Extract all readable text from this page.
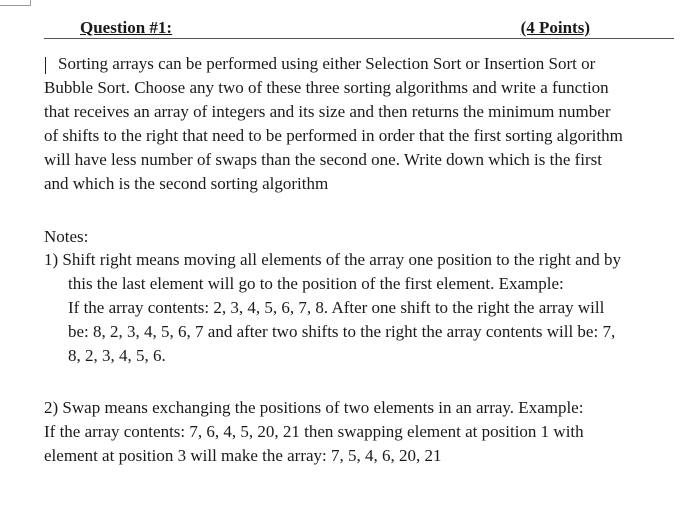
Question #1:	(4 Points)
Sorting arrays can be performed using either Selection Sort or Insertion Sort or
Bubble Sort. Choose any two of these three sorting algorithms and write a function
that receives an array of integers and its size and then returns the minimum number
of shifts to the right that need to be performed in order that the first sorting algorithm
will have less number of swaps than the second one. Write down which is the first
and which is the second sorting algorithm
Notes:
1) Shift right means moving all elements of the array one position to the right and by
this the last element will go to the position of the first element. Example:
If the array contents: 2, 3, 4, 5, 6, 7, 8. After one shift to the right the array will
be: 8, 2, 3, 4, 5, 6, 7 and after two shifts to the right the array contents will be: 7,
8, 2, 3, 4, 5, 6.
2) Swap means exchanging the positions of two elements in an array. Example:
If the array contents: 7, 6, 4, 5, 20, 21 then swapping element at position 1 with
element at position 3 will make the array: 7, 5, 4, 6, 20, 21
